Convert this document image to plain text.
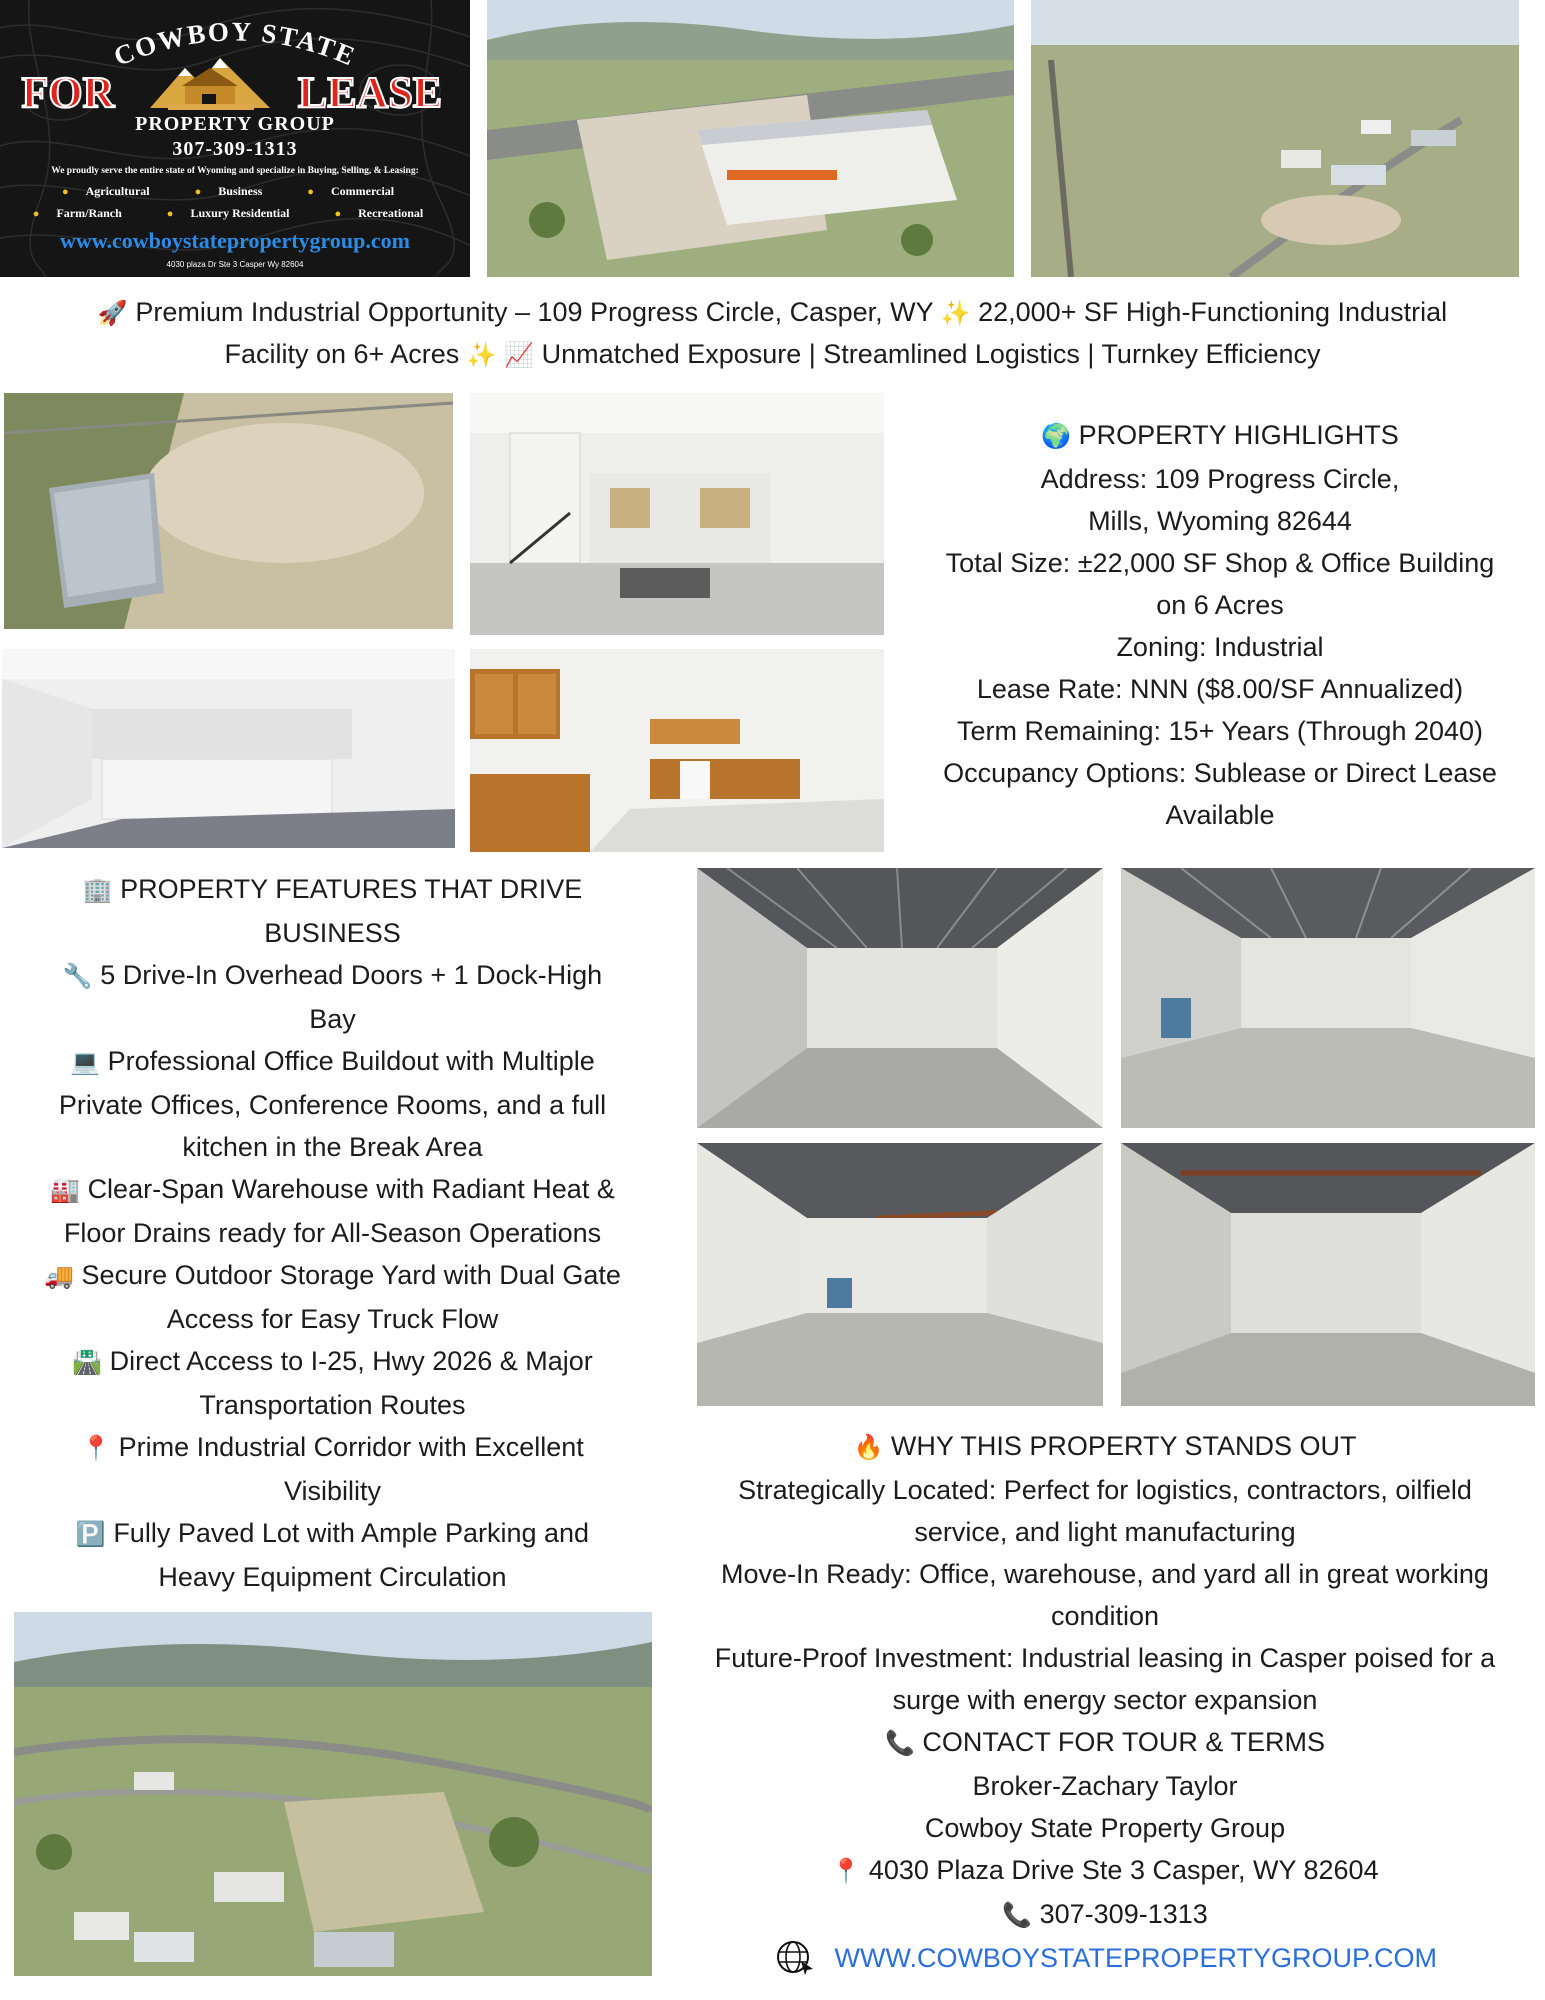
COWBOY STATE
FOR	LEASE
PROPERTY GROUP
307-309-1313
We proudly serve the entire state of Wyoming and specialize in Buying, Selling, & Leasing:
● Agricultural	● Business	● Commercial
● Farm/Ranch	● Luxury Residential	● Recreational
www.cowboystatepropertygroup.com
4030 plaza Dr Ste 3 Casper Wy 82604
🚀 Premium Industrial Opportunity – 109 Progress Circle, Casper, WY ✨ 22,000+ SF High-Functioning Industrial
Facility on 6+ Acres ✨ 📈 Unmatched Exposure | Streamlined Logistics | Turnkey Efficiency
🌍 PROPERTY HIGHLIGHTS
Address: 109 Progress Circle,
Mills, Wyoming 82644
Total Size: ±22,000 SF Shop & Office Building
on 6 Acres
Zoning: Industrial
Lease Rate: NNN ($8.00/SF Annualized)
Term Remaining: 15+ Years (Through 2040)
Occupancy Options: Sublease or Direct Lease
Available
🏢 PROPERTY FEATURES THAT DRIVE
BUSINESS
🔧 5 Drive-In Overhead Doors + 1 Dock-High
Bay
💻 Professional Office Buildout with Multiple
Private Offices, Conference Rooms, and a full
kitchen in the Break Area
🏭 Clear-Span Warehouse with Radiant Heat &
Floor Drains ready for All-Season Operations
🚚 Secure Outdoor Storage Yard with Dual Gate
Access for Easy Truck Flow
🛣️ Direct Access to I-25, Hwy 2026 & Major
Transportation Routes
📍 Prime Industrial Corridor with Excellent
Visibility
🅿️ Fully Paved Lot with Ample Parking and
Heavy Equipment Circulation
🔥 WHY THIS PROPERTY STANDS OUT
Strategically Located: Perfect for logistics, contractors, oilfield
service, and light manufacturing
Move-In Ready: Office, warehouse, and yard all in great working
condition
Future-Proof Investment: Industrial leasing in Casper poised for a
surge with energy sector expansion
📞 CONTACT FOR TOUR & TERMS
Broker-Zachary Taylor
Cowboy State Property Group
📍 4030 Plaza Drive Ste 3 Casper, WY 82604
📞 307-309-1313
WWW.COWBOYSTATEPROPERTYGROUP.COM
